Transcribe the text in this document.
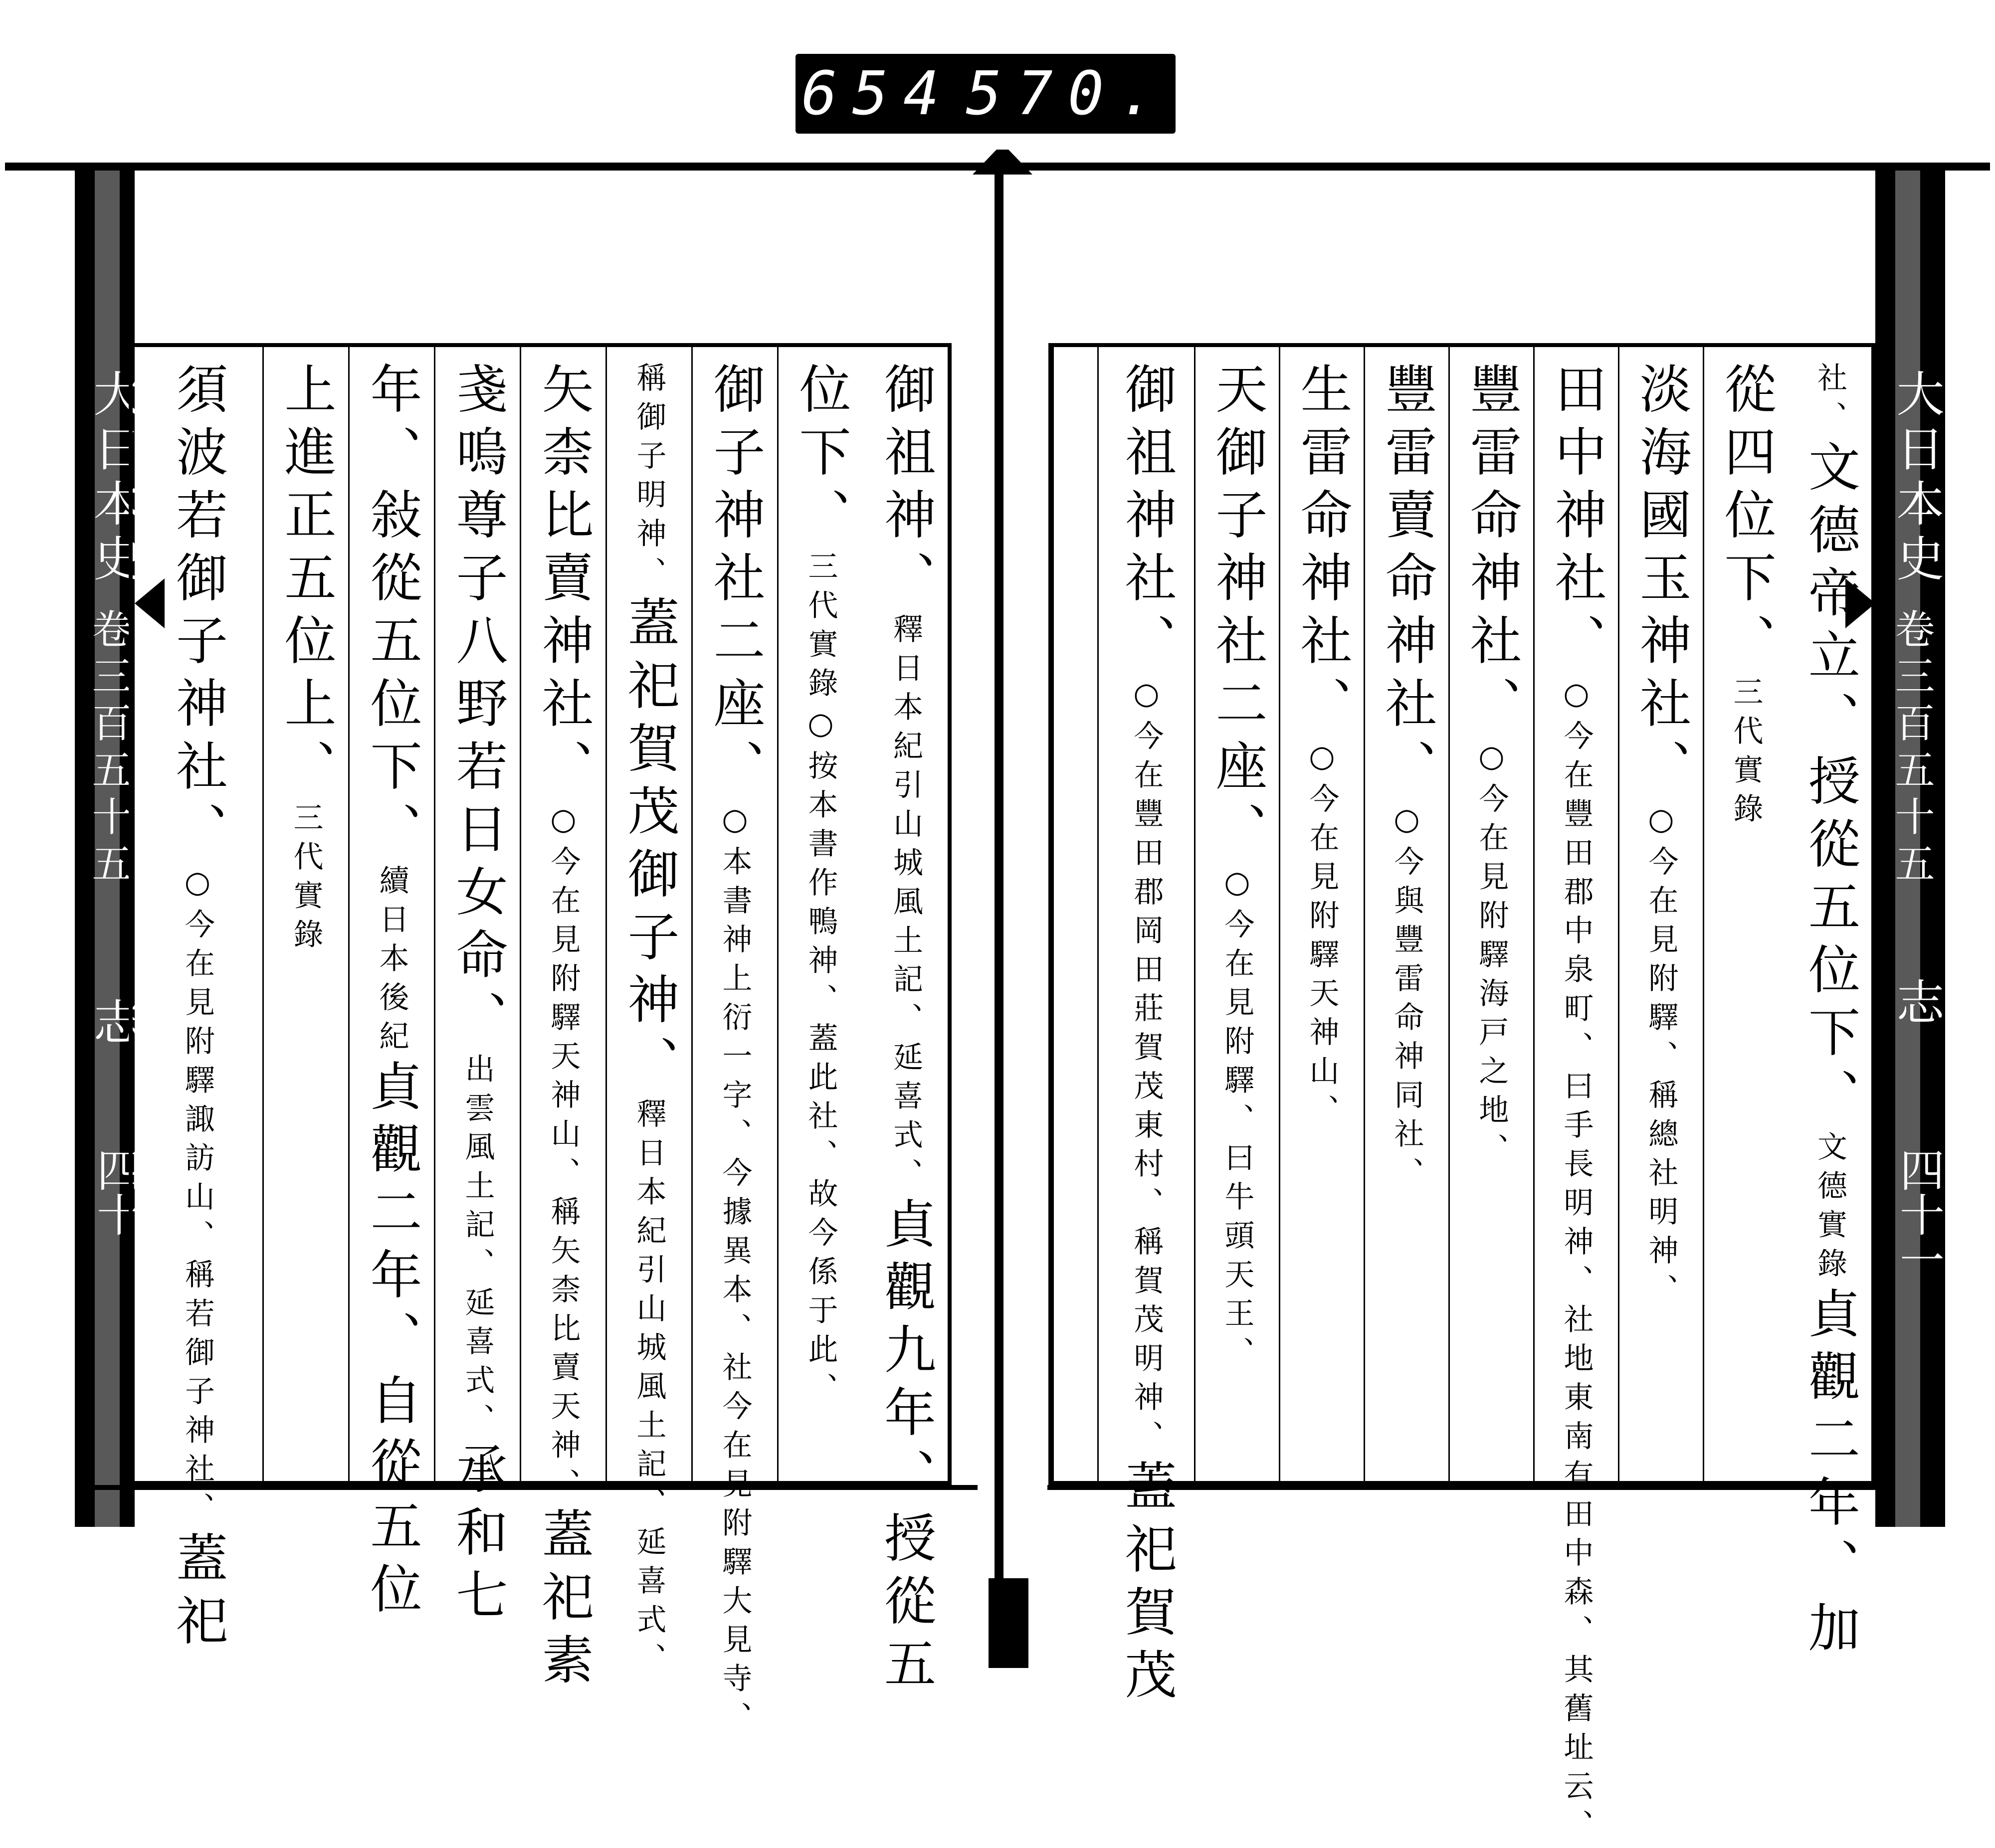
654 570.
大日本史
卷三百五十五
志
四十
大日本史
卷三百五十五
志
四十一
御祖神、釋日本紀引山城風土記、延喜式、貞觀九年、授從五
位下、三代實錄○按本書作鴨神、蓋此社、故今係于此、
御子神社二座、○本書神上衍一字、今據異本、社今在見附驛大見寺、
稱御子明神、蓋祀賀茂御子神、釋日本紀引山城風土記、延喜式、
矢柰比賣神社、○今在見附驛天神山、稱矢柰比賣天神、蓋祀素
戔嗚尊子八野若日女命、出雲風土記、延喜式、承和七
年、敍從五位下、續日本後紀貞觀二年、自從五位
上進正五位上、三代實錄
須波若御子神社、○今在見附驛諏訪山、稱若御子神社、蓋祀
社、文德帝立、授從五位下、文德實錄貞觀二年、加
從四位下、三代實錄
淡海國玉神社、○今在見附驛、稱總社明神、
田中神社、○今在豐田郡中泉町、曰手長明神、社地東南有田中森、其舊址云、
豐雷命神社、○今在見附驛海戸之地、
豐雷賣命神社、○今與豐雷命神同社、
生雷命神社、○今在見附驛天神山、
天御子神社二座、○今在見附驛、曰牛頭天王、
御祖神社、○今在豐田郡岡田莊賀茂東村、稱賀茂明神、蓋祀賀茂
